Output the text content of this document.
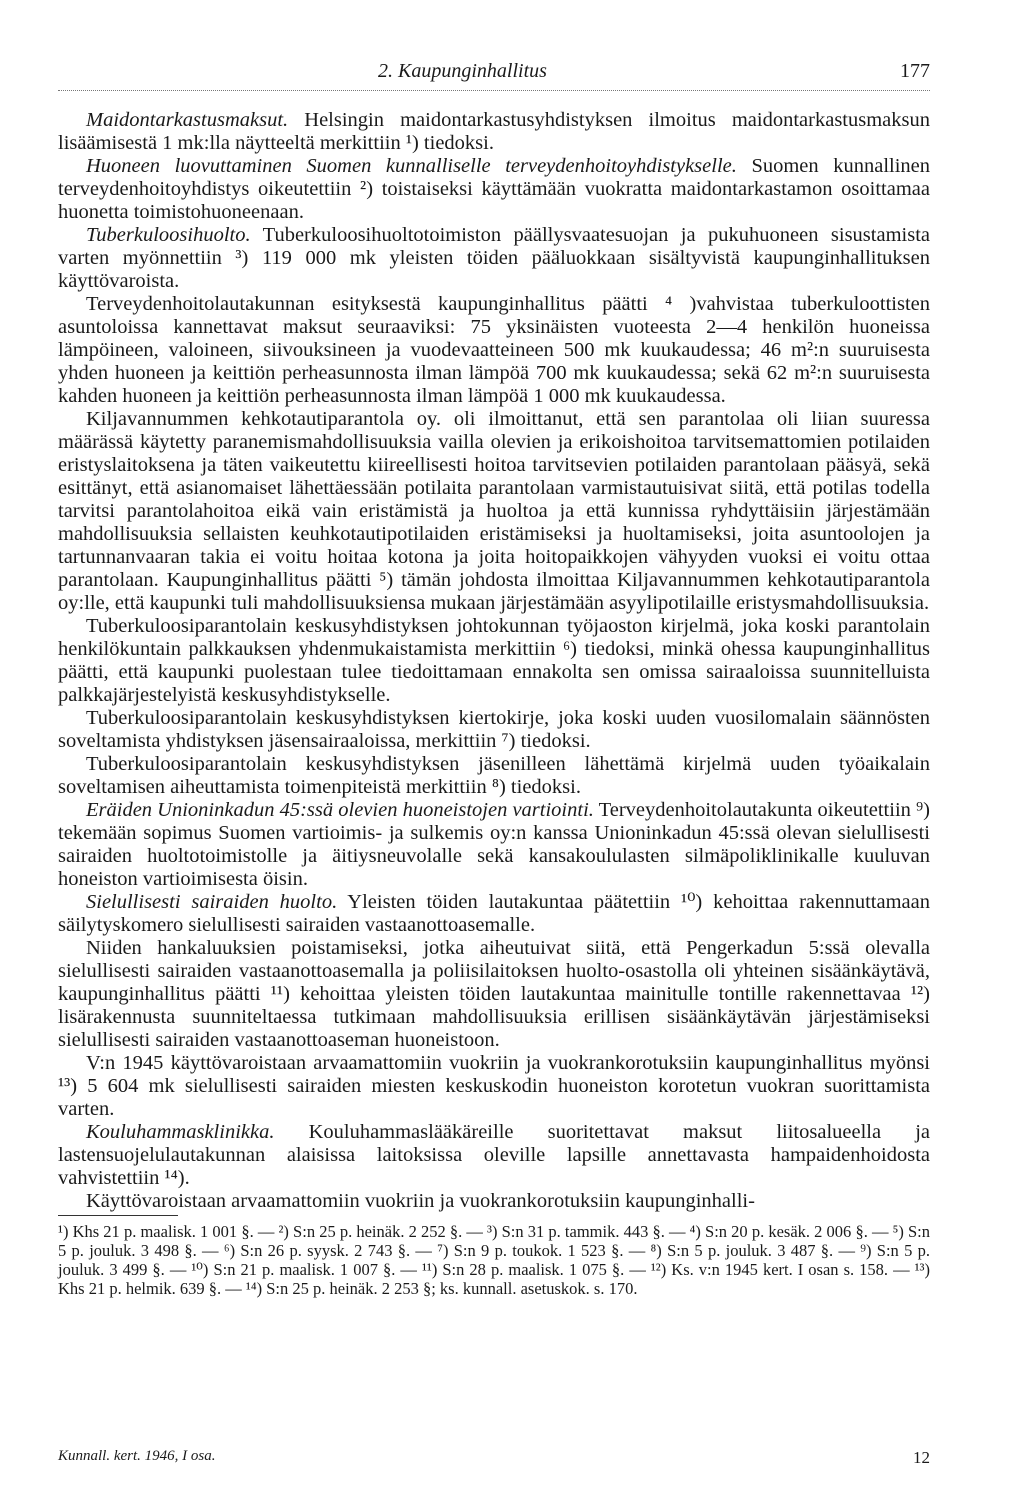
2. Kaupunginhallitus	177

Maidontarkastusmaksut. Helsingin maidontarkastusyhdistyksen ilmoitus maidontarkastusmaksun lisäämisestä 1 mk:lla näytteeltä merkittiin ¹) tiedoksi.

Huoneen luovuttaminen Suomen kunnalliselle terveydenhoitoyhdistykselle. Suomen kunnallinen terveydenhoitoyhdistys oikeutettiin ²) toistaiseksi käyttämään vuokratta maidontarkastamon osoittamaa huonetta toimistohuoneenaan.

Tuberkuloosihuolto. Tuberkuloosihuoltotoimiston päällysvaatesuojan ja pukuhuoneen sisustamista varten myönnettiin ³) 119 000 mk yleisten töiden pääluokkaan sisältyvistä kaupunginhallituksen käyttövaroista.

Terveydenhoitolautakunnan esityksestä kaupunginhallitus päätti ⁴ )vahvistaa tuberkuloottisten asuntoloissa kannettavat maksut seuraaviksi: 75 yksinäisten vuoteesta 2—4 henkilön huoneissa lämpöineen, valoineen, siivouksineen ja vuodevaatteineen 500 mk kuukaudessa; 46 m²:n suuruisesta yhden huoneen ja keittiön perheasunnosta ilman lämpöä 700 mk kuukaudessa; sekä 62 m²:n suuruisesta kahden huoneen ja keittiön perheasunnosta ilman lämpöä 1 000 mk kuukaudessa.

Kiljavannummen kehkotautiparantola oy. oli ilmoittanut, että sen parantolaa oli liian suuressa määrässä käytetty paranemismahdollisuuksia vailla olevien ja erikoishoitoa tarvitsemattomien potilaiden eristyslaitoksena ja täten vaikeutettu kiireellisesti hoitoa tarvitsevien potilaiden parantolaan pääsyä, sekä esittänyt, että asianomaiset lähettäessään potilaita parantolaan varmistautuisivat siitä, että potilas todella tarvitsi parantolahoitoa eikä vain eristämistä ja huoltoa ja että kunnissa ryhdyttäisiin järjestämään mahdollisuuksia sellaisten keuhkotautipotilaiden eristämiseksi ja huoltamiseksi, joita asuntoolojen ja tartunnanvaaran takia ei voitu hoitaa kotona ja joita hoitopaikkojen vähyyden vuoksi ei voitu ottaa parantolaan. Kaupunginhallitus päätti ⁵) tämän johdosta ilmoittaa Kiljavannummen kehkotautiparantola oy:lle, että kaupunki tuli mahdollisuuksiensa mukaan järjestämään asyylipotilaille eristysmahdollisuuksia.

Tuberkuloosiparantolain keskusyhdistyksen johtokunnan työjaoston kirjelmä, joka koski parantolain henkilökuntain palkkauksen yhdenmukaistamista merkittiin ⁶) tiedoksi, minkä ohessa kaupunginhallitus päätti, että kaupunki puolestaan tulee tiedoittamaan ennakolta sen omissa sairaaloissa suunnitelluista palkkajärjestelyistä keskusyhdistykselle.

Tuberkuloosiparantolain keskusyhdistyksen kiertokirje, joka koski uuden vuosilomalain säännösten soveltamista yhdistyksen jäsensairaaloissa, merkittiin ⁷) tiedoksi.

Tuberkuloosiparantolain keskusyhdistyksen jäsenilleen lähettämä kirjelmä uuden työaikalain soveltamisen aiheuttamista toimenpiteistä merkittiin ⁸) tiedoksi.

Eräiden Unioninkadun 45:ssä olevien huoneistojen vartiointi. Terveydenhoitolautakunta oikeutettiin ⁹) tekemään sopimus Suomen vartioimis- ja sulkemis oy:n kanssa Unioninkadun 45:ssä olevan sielullisesti sairaiden huoltotoimistolle ja äitiysneuvolalle sekä kansakoululasten silmäpoliklinikalle kuuluvan honeiston vartioimisesta öisin.

Sielullisesti sairaiden huolto. Yleisten töiden lautakuntaa päätettiin ¹⁰) kehoittaa rakennuttamaan säilytyskomero sielullisesti sairaiden vastaanottoasemalle.

Niiden hankaluuksien poistamiseksi, jotka aiheutuivat siitä, että Pengerkadun 5:ssä olevalla sielullisesti sairaiden vastaanottoasemalla ja poliisilaitoksen huolto-osastolla oli yhteinen sisäänkäytävä, kaupunginhallitus päätti ¹¹) kehoittaa yleisten töiden lautakuntaa mainitulle tontille rakennettavaa ¹²) lisärakennusta suunniteltaessa tutkimaan mahdollisuuksia erillisen sisäänkäytävän järjestämiseksi sielullisesti sairaiden vastaanottoaseman huoneistoon.

V:n 1945 käyttövaroistaan arvaamattomiin vuokriin ja vuokrankorotuksiin kaupunginhallitus myönsi ¹³) 5 604 mk sielullisesti sairaiden miesten keskuskodin huoneiston korotetun vuokran suorittamista varten.

Kouluhammasklinikka. Kouluhammaslääkäreille suoritettavat maksut liitosalueella ja lastensuojelulautakunnan alaisissa laitoksissa oleville lapsille annettavasta hampaidenhoidosta vahvistettiin ¹⁴).

Käyttövaroistaan arvaamattomiin vuokriin ja vuokrankorotuksiin kaupunginhalli-

¹) Khs 21 p. maalisk. 1 001 §. — ²) S:n 25 p. heinäk. 2 252 §. — ³) S:n 31 p. tammik. 443 §. — ⁴) S:n 20 p. kesäk. 2 006 §. — ⁵) S:n 5 p. jouluk. 3 498 §. — ⁶) S:n 26 p. syysk. 2 743 §. — ⁷) S:n 9 p. toukok. 1 523 §. — ⁸) S:n 5 p. jouluk. 3 487 §. — ⁹) S:n 5 p. jouluk. 3 499 §. — ¹⁰) S:n 21 p. maalisk. 1 007 §. — ¹¹) S:n 28 p. maalisk. 1 075 §. — ¹²) Ks. v:n 1945 kert. I osan s. 158. — ¹³) Khs 21 p. helmik. 639 §. — ¹⁴) S:n 25 p. heinäk. 2 253 §; ks. kunnall. asetuskok. s. 170.

Kunnall. kert. 1946, I osa.	12
